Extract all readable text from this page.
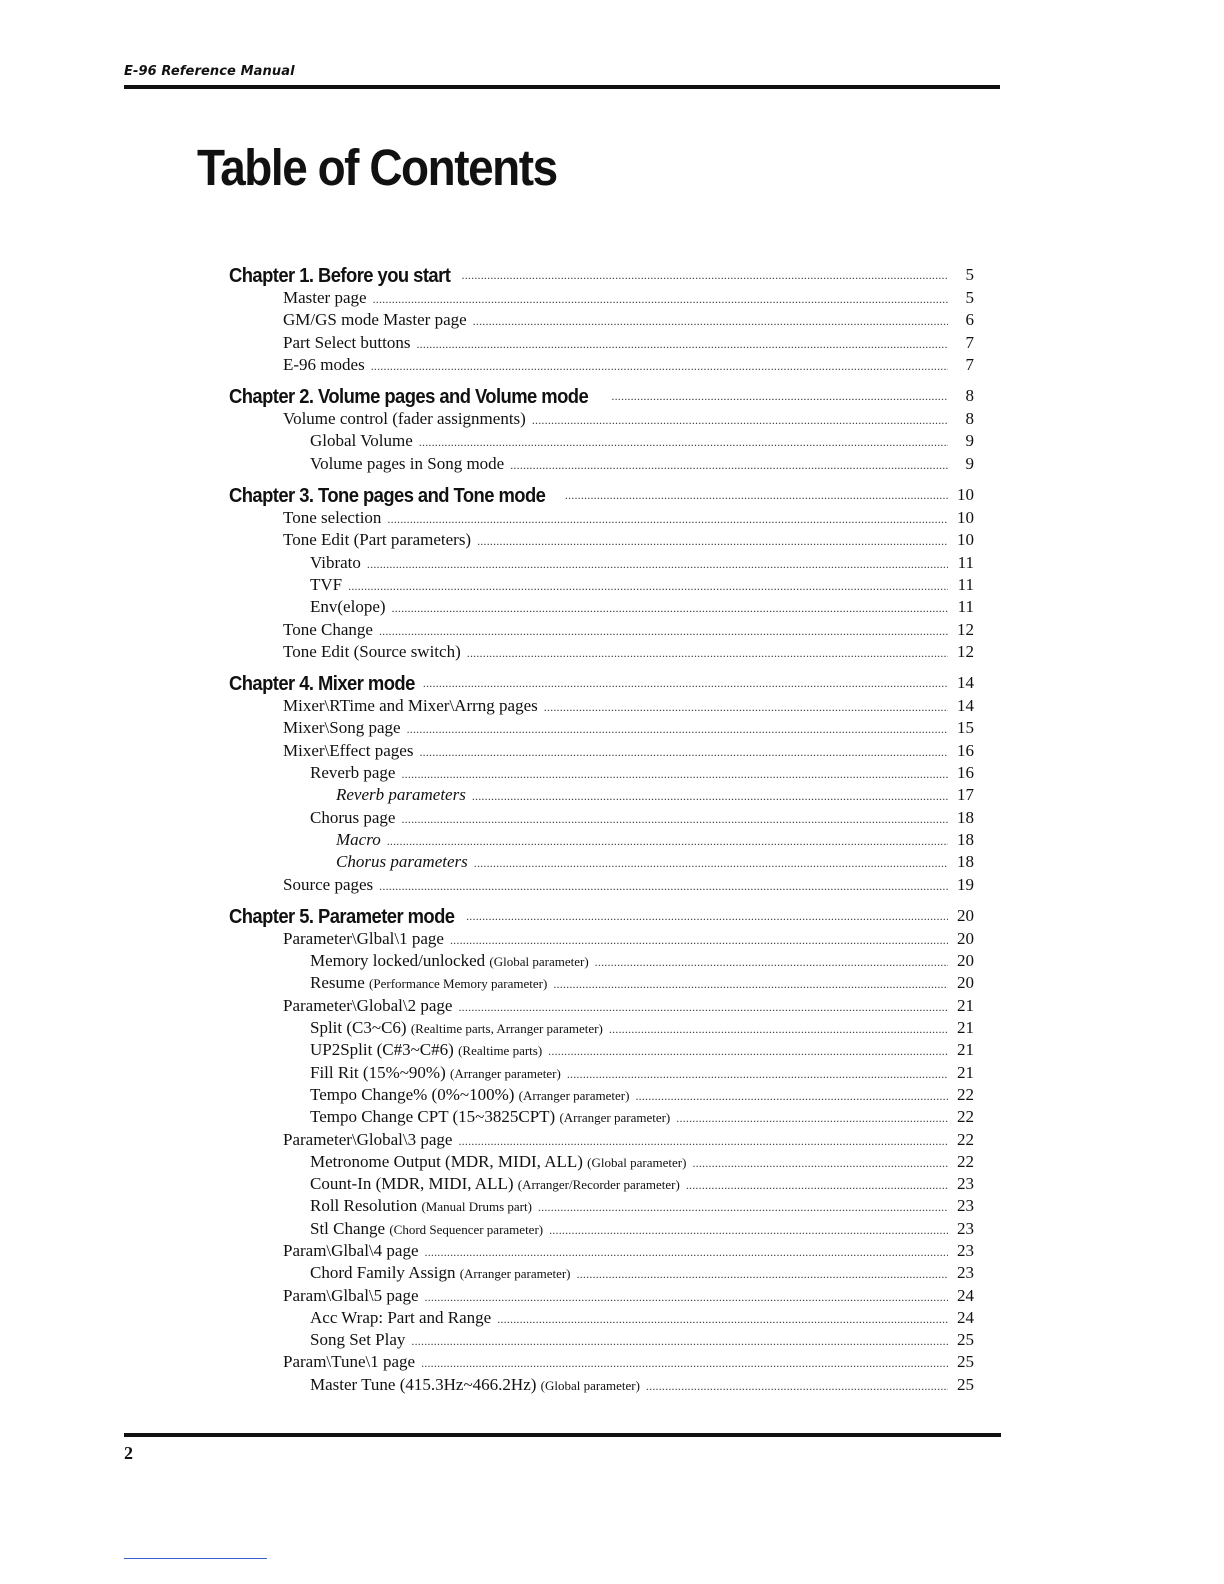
E-96 Reference Manual
Table of Contents
Chapter 1. Before you start . . .	5
Master page . . .	5
GM/GS mode Master page . . .	6
Part Select buttons . . .	7
E-96 modes . . .	7
Chapter 2. Volume pages and Volume mode . . .	8
Volume control (fader assignments) . . .	8
Global Volume . . .	9
Volume pages in Song mode . . .	9
Chapter 3. Tone pages and Tone mode . . .	10
Tone selection . . .	10
Tone Edit (Part parameters) . . .	10
Vibrato . . .	11
TVF . . .	11
Env(elope) . . .	11
Tone Change . . .	12
Tone Edit (Source switch) . . .	12
Chapter 4. Mixer mode . . .	14
Mixer\RTime and Mixer\Arrng pages . . .	14
Mixer\Song page . . .	15
Mixer\Effect pages . . .	16
Reverb page . . .	16
Reverb parameters . . .	17
Chorus page . . .	18
Macro . . .	18
Chorus parameters . . .	18
Source pages . . .	19
Chapter 5. Parameter mode . . .	20
Parameter\Glbal\1 page . . .	20
Memory locked/unlocked (Global parameter) . . .	20
Resume (Performance Memory parameter) . . .	20
Parameter\Global\2 page . . .	21
Split (C3~C6) (Realtime parts, Arranger parameter) . . .	21
UP2Split (C#3~C#6) (Realtime parts) . . .	21
Fill Rit (15%~90%) (Arranger parameter) . . .	21
Tempo Change% (0%~100%) (Arranger parameter) . . .	22
Tempo Change CPT (15~3825CPT) (Arranger parameter) . . .	22
Parameter\Global\3 page . . .	22
Metronome Output (MDR, MIDI, ALL) (Global parameter) . . .	22
Count-In (MDR, MIDI, ALL) (Arranger/Recorder parameter) . . .	23
Roll Resolution (Manual Drums part) . . .	23
Stl Change (Chord Sequencer parameter) . . .	23
Param\Glbal\4 page . . .	23
Chord Family Assign (Arranger parameter) . . .	23
Param\Glbal\5 page . . .	24
Acc Wrap: Part and Range . . .	24
Song Set Play . . .	25
Param\Tune\1 page . . .	25
Master Tune (415.3Hz~466.2Hz) (Global parameter) . . .	25
2
